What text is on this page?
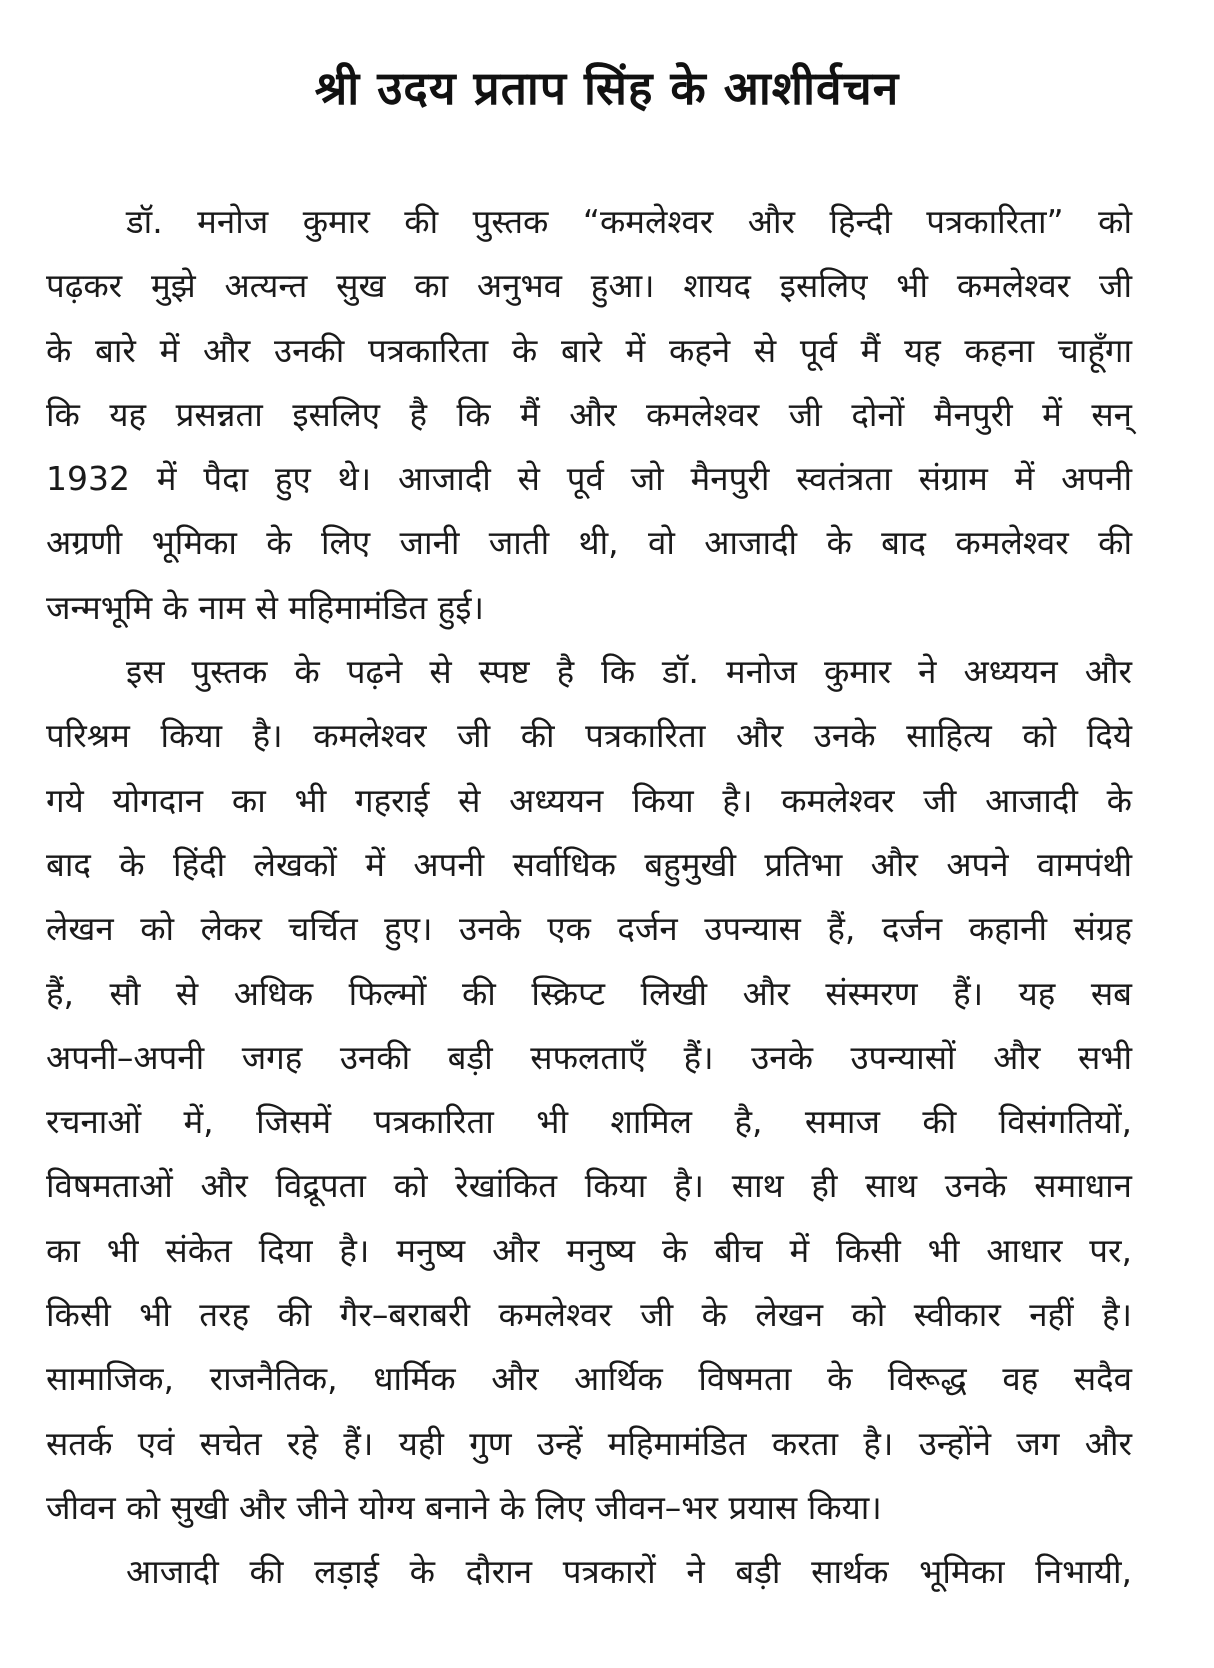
श्री उदय प्रताप सिंह के आशीर्वचन
डॉ. मनोज कुमार की पुस्तक “कमलेश्वर और हिन्दी पत्रकारिता” को
पढ़कर मुझे अत्यन्त सुख का अनुभव हुआ। शायद इसलिए भी कमलेश्वर जी
के बारे में और उनकी पत्रकारिता के बारे में कहने से पूर्व मैं यह कहना चाहूँगा
कि यह प्रसन्नता इसलिए है कि मैं और कमलेश्वर जी दोनों मैनपुरी में सन्
1932 में पैदा हुए थे। आजादी से पूर्व जो मैनपुरी स्वतंत्रता संग्राम में अपनी
अग्रणी भूमिका के लिए जानी जाती थी, वो आजादी के बाद कमलेश्वर की
जन्मभूमि के नाम से महिमामंडित हुई।
इस पुस्तक के पढ़ने से स्पष्ट है कि डॉ. मनोज कुमार ने अध्ययन और
परिश्रम किया है। कमलेश्वर जी की पत्रकारिता और उनके साहित्य को दिये
गये योगदान का भी गहराई से अध्ययन किया है। कमलेश्वर जी आजादी के
बाद के हिंदी लेखकों में अपनी सर्वाधिक बहुमुखी प्रतिभा और अपने वामपंथी
लेखन को लेकर चर्चित हुए। उनके एक दर्जन उपन्यास हैं, दर्जन कहानी संग्रह
हैं, सौ से अधिक फिल्मों की स्क्रिप्ट लिखी और संस्मरण हैं। यह सब
अपनी–अपनी जगह उनकी बड़ी सफलताएँ हैं। उनके उपन्यासों और सभी
रचनाओं में, जिसमें पत्रकारिता भी शामिल है, समाज की विसंगतियों,
विषमताओं और विद्रूपता को रेखांकित किया है। साथ ही साथ उनके समाधान
का भी संकेत दिया है। मनुष्य और मनुष्य के बीच में किसी भी आधार पर,
किसी भी तरह की गैर–बराबरी कमलेश्वर जी के लेखन को स्वीकार नहीं है।
सामाजिक, राजनैतिक, धार्मिक और आर्थिक विषमता के विरूद्ध वह सदैव
सतर्क एवं सचेत रहे हैं। यही गुण उन्हें महिमामंडित करता है। उन्होंने जग और
जीवन को सुखी और जीने योग्य बनाने के लिए जीवन–भर प्रयास किया।
आजादी की लड़ाई के दौरान पत्रकारों ने बड़ी सार्थक भूमिका निभायी,
